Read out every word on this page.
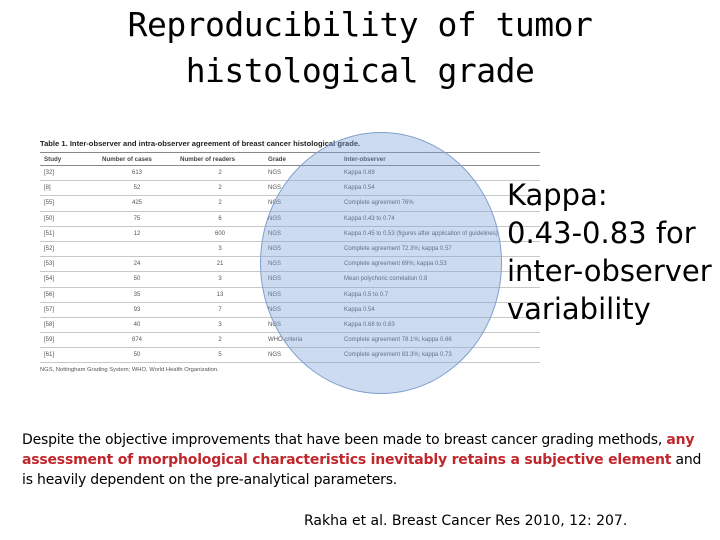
Reproducibility of tumor
histological grade
Table 1. Inter-observer and intra-observer agreement of breast cancer histological grade.
Study	Number of cases	Number of readers	Grade	Inter-observer
[32]	613	2	NGS	Kappa 0.69
[8]	52	2	NGS	Kappa 0.54
[55]	425	2	NGS	Complete agreement 76%
[50]	75	6	NGS	Kappa 0.43 to 0.74
[51]	12	600	NGS	Kappa 0.45 to 0.53 (figures after application of guidelines)
[52]		3	NGS	Complete agreement 72.3%; kappa 0.57
[53]	24	21	NGS	Complete agreement 69%; kappa 0.53
[54]	50	3	NGS	Mean polychoric correlation 0.8
[56]	35	13	NGS	Kappa 0.5 to 0.7
[57]	93	7	NGS	Kappa 0.54
[58]	40	3	NGS	Kappa 0.68 to 0.83
[59]	874	2	WHO criteria	Complete agreement 78.1%; kappa 0.66
[61]	50	5	NGS	Complete agreement 83.3%; kappa 0.73
NGS, Nottingham Grading System; WHO, World Health Organization.
Kappa:
0.43-0.83 for
inter-observer
variability
Despite the objective improvements that have been made to breast cancer grading methods, any assessment of morphological characteristics inevitably retains a subjective element and is heavily dependent on the pre-analytical parameters.
Rakha et al. Breast Cancer Res 2010, 12: 207.
